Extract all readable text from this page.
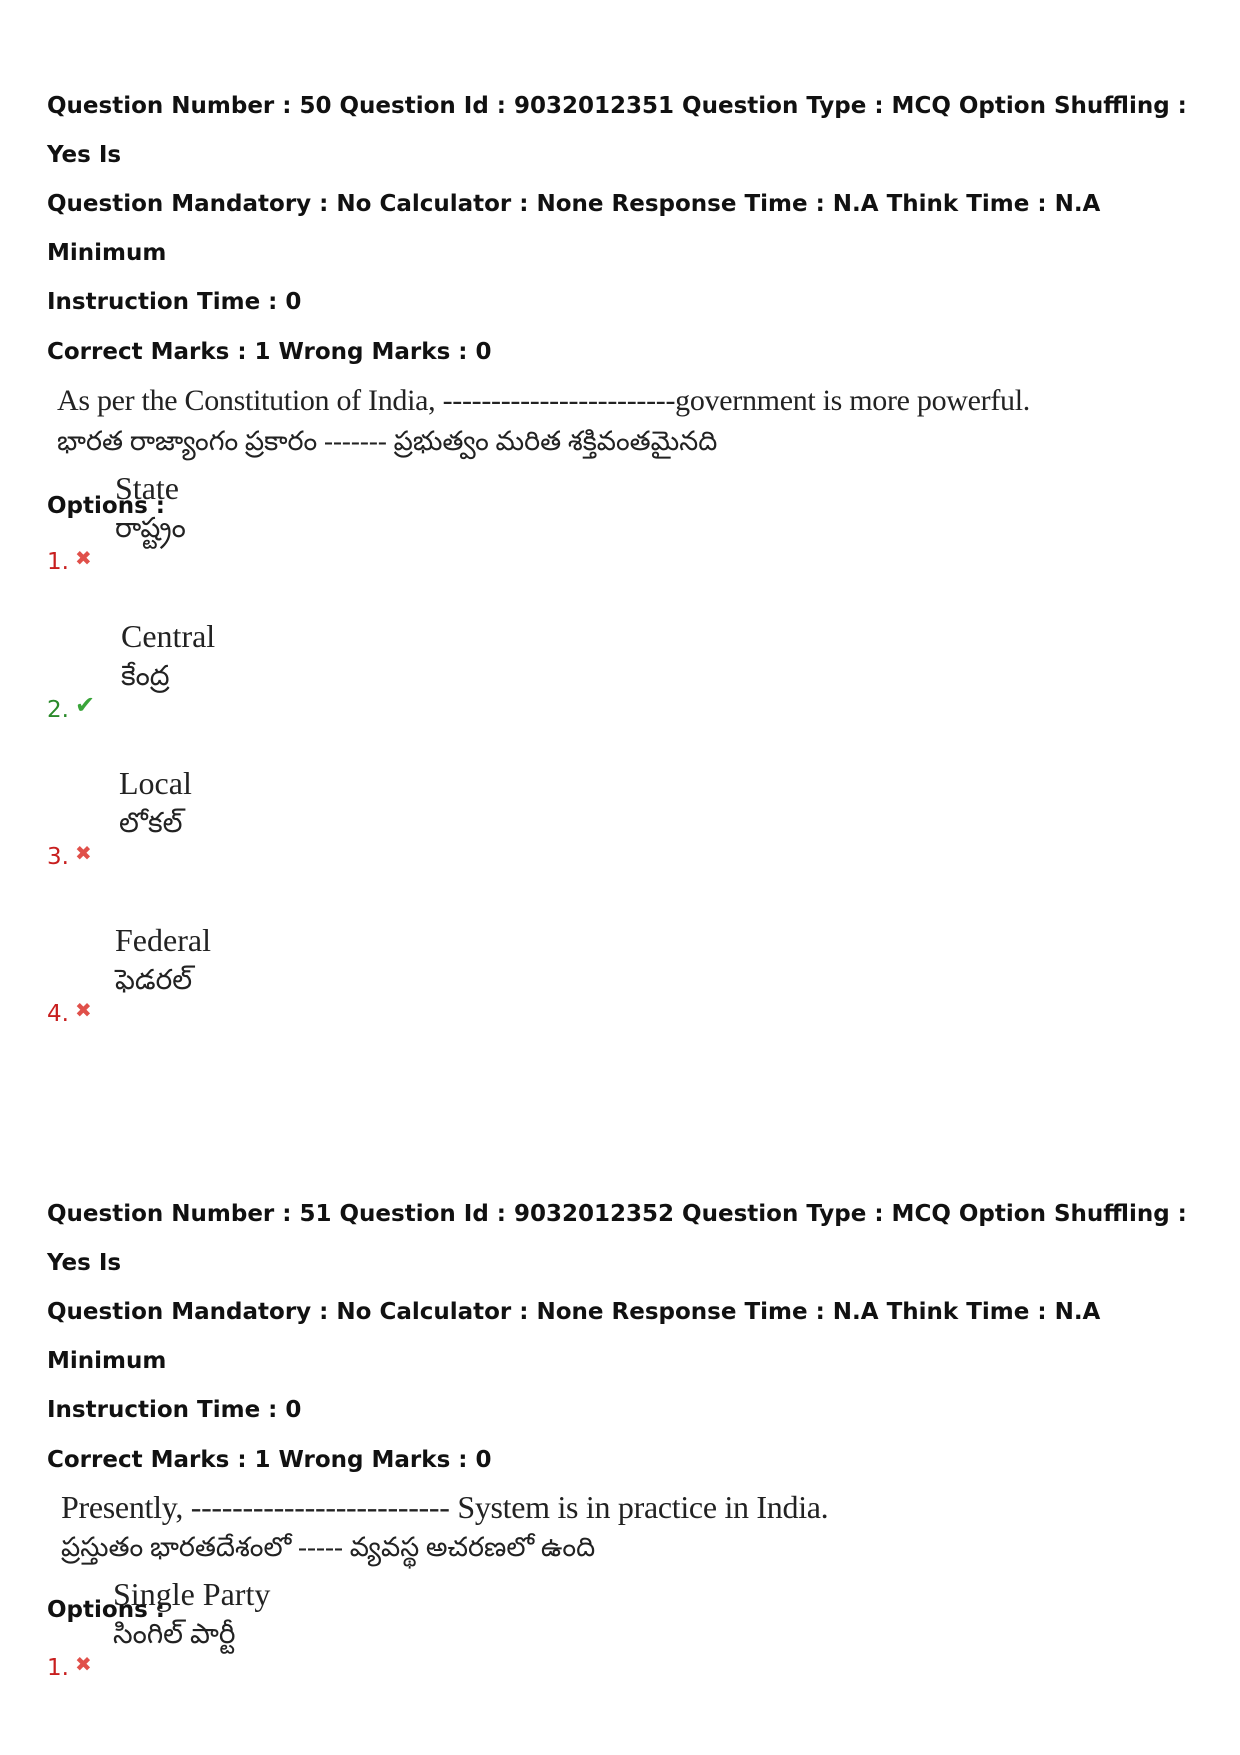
Question Number : 50 Question Id : 9032012351 Question Type : MCQ Option Shuffling : Yes Is

Question Mandatory : No Calculator : None Response Time : N.A Think Time : N.A Minimum

Instruction Time : 0

Correct Marks : 1 Wrong Marks : 0

As per the Constitution of India, ------------------------government is more powerful.
భారత రాజ్యాంగం ప్రకారం ------- ప్రభుత్వం మరిత శక్తివంతమైనది
Options :
State
రాష్ట్రం
1. ✖
Central
కేంద్ర
2. ✔
Local
లోకల్
3. ✖
Federal
ఫెడరల్
4. ✖

Question Number : 51 Question Id : 9032012352 Question Type : MCQ Option Shuffling : Yes Is

Question Mandatory : No Calculator : None Response Time : N.A Think Time : N.A Minimum

Instruction Time : 0

Correct Marks : 1 Wrong Marks : 0

Presently, ------------------------- System is in practice in India.
ప్రస్తుతం భారతదేశంలో ----- వ్యవస్థ అచరణలో ఉంది
Options :
Single Party
సింగిల్ పార్టీ
1. ✖
